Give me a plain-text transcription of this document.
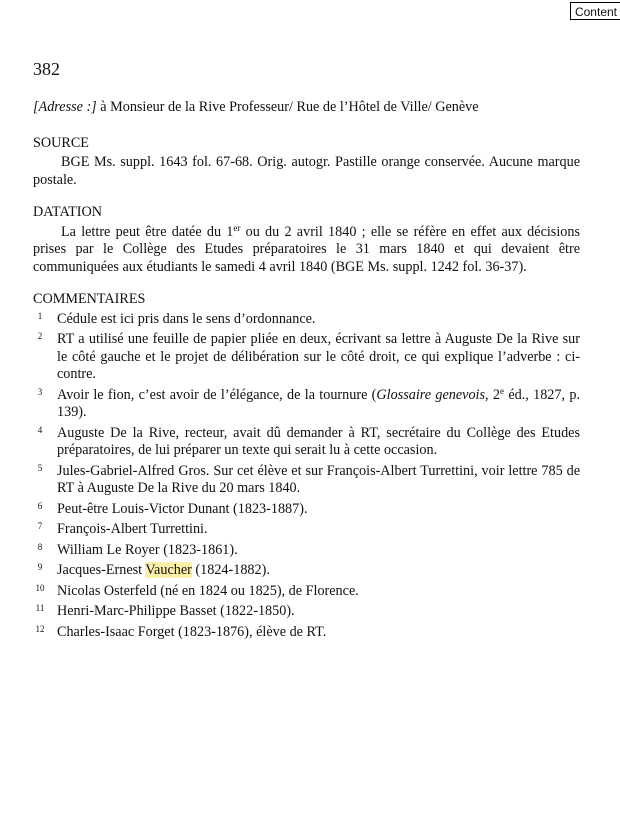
Content
382
[Adresse :] à Monsieur de la Rive Professeur/ Rue de l’Hôtel de Ville/ Genève
SOURCE
BGE Ms. suppl. 1643 fol. 67-68. Orig. autogr. Pastille orange conservée. Aucune marque postale.
DATATION
La lettre peut être datée du 1er ou du 2 avril 1840 ; elle se réfère en effet aux décisions prises par le Collège des Etudes préparatoires le 31 mars 1840 et qui devaient être communiquées aux étudiants le samedi 4 avril 1840 (BGE Ms. suppl. 1242 fol. 36-37).
COMMENTAIRES
1	Cédule est ici pris dans le sens d’ordonnance.
2	RT a utilisé une feuille de papier pliée en deux, écrivant sa lettre à Auguste De la Rive sur le côté gauche et le projet de délibération sur le côté droit, ce qui explique l’adverbe : ci-contre.
3	Avoir le fion, c’est avoir de l’élégance, de la tournure (Glossaire genevois, 2e éd., 1827, p. 139).
4	Auguste De la Rive, recteur, avait dû demander à RT, secrétaire du Collège des Etudes préparatoires, de lui préparer un texte qui serait lu à cette occasion.
5	Jules-Gabriel-Alfred Gros. Sur cet élève et sur François-Albert Turrettini, voir lettre 785 de RT à Auguste De la Rive du 20 mars 1840.
6	Peut-être Louis-Victor Dunant (1823-1887).
7	François-Albert Turrettini.
8	William Le Royer (1823-1861).
9	Jacques-Ernest Vaucher (1824-1882).
10 Nicolas Osterfeld (né en 1824 ou 1825), de Florence.
11 Henri-Marc-Philippe Basset (1822-1850).
12 Charles-Isaac Forget (1823-1876), élève de RT.
